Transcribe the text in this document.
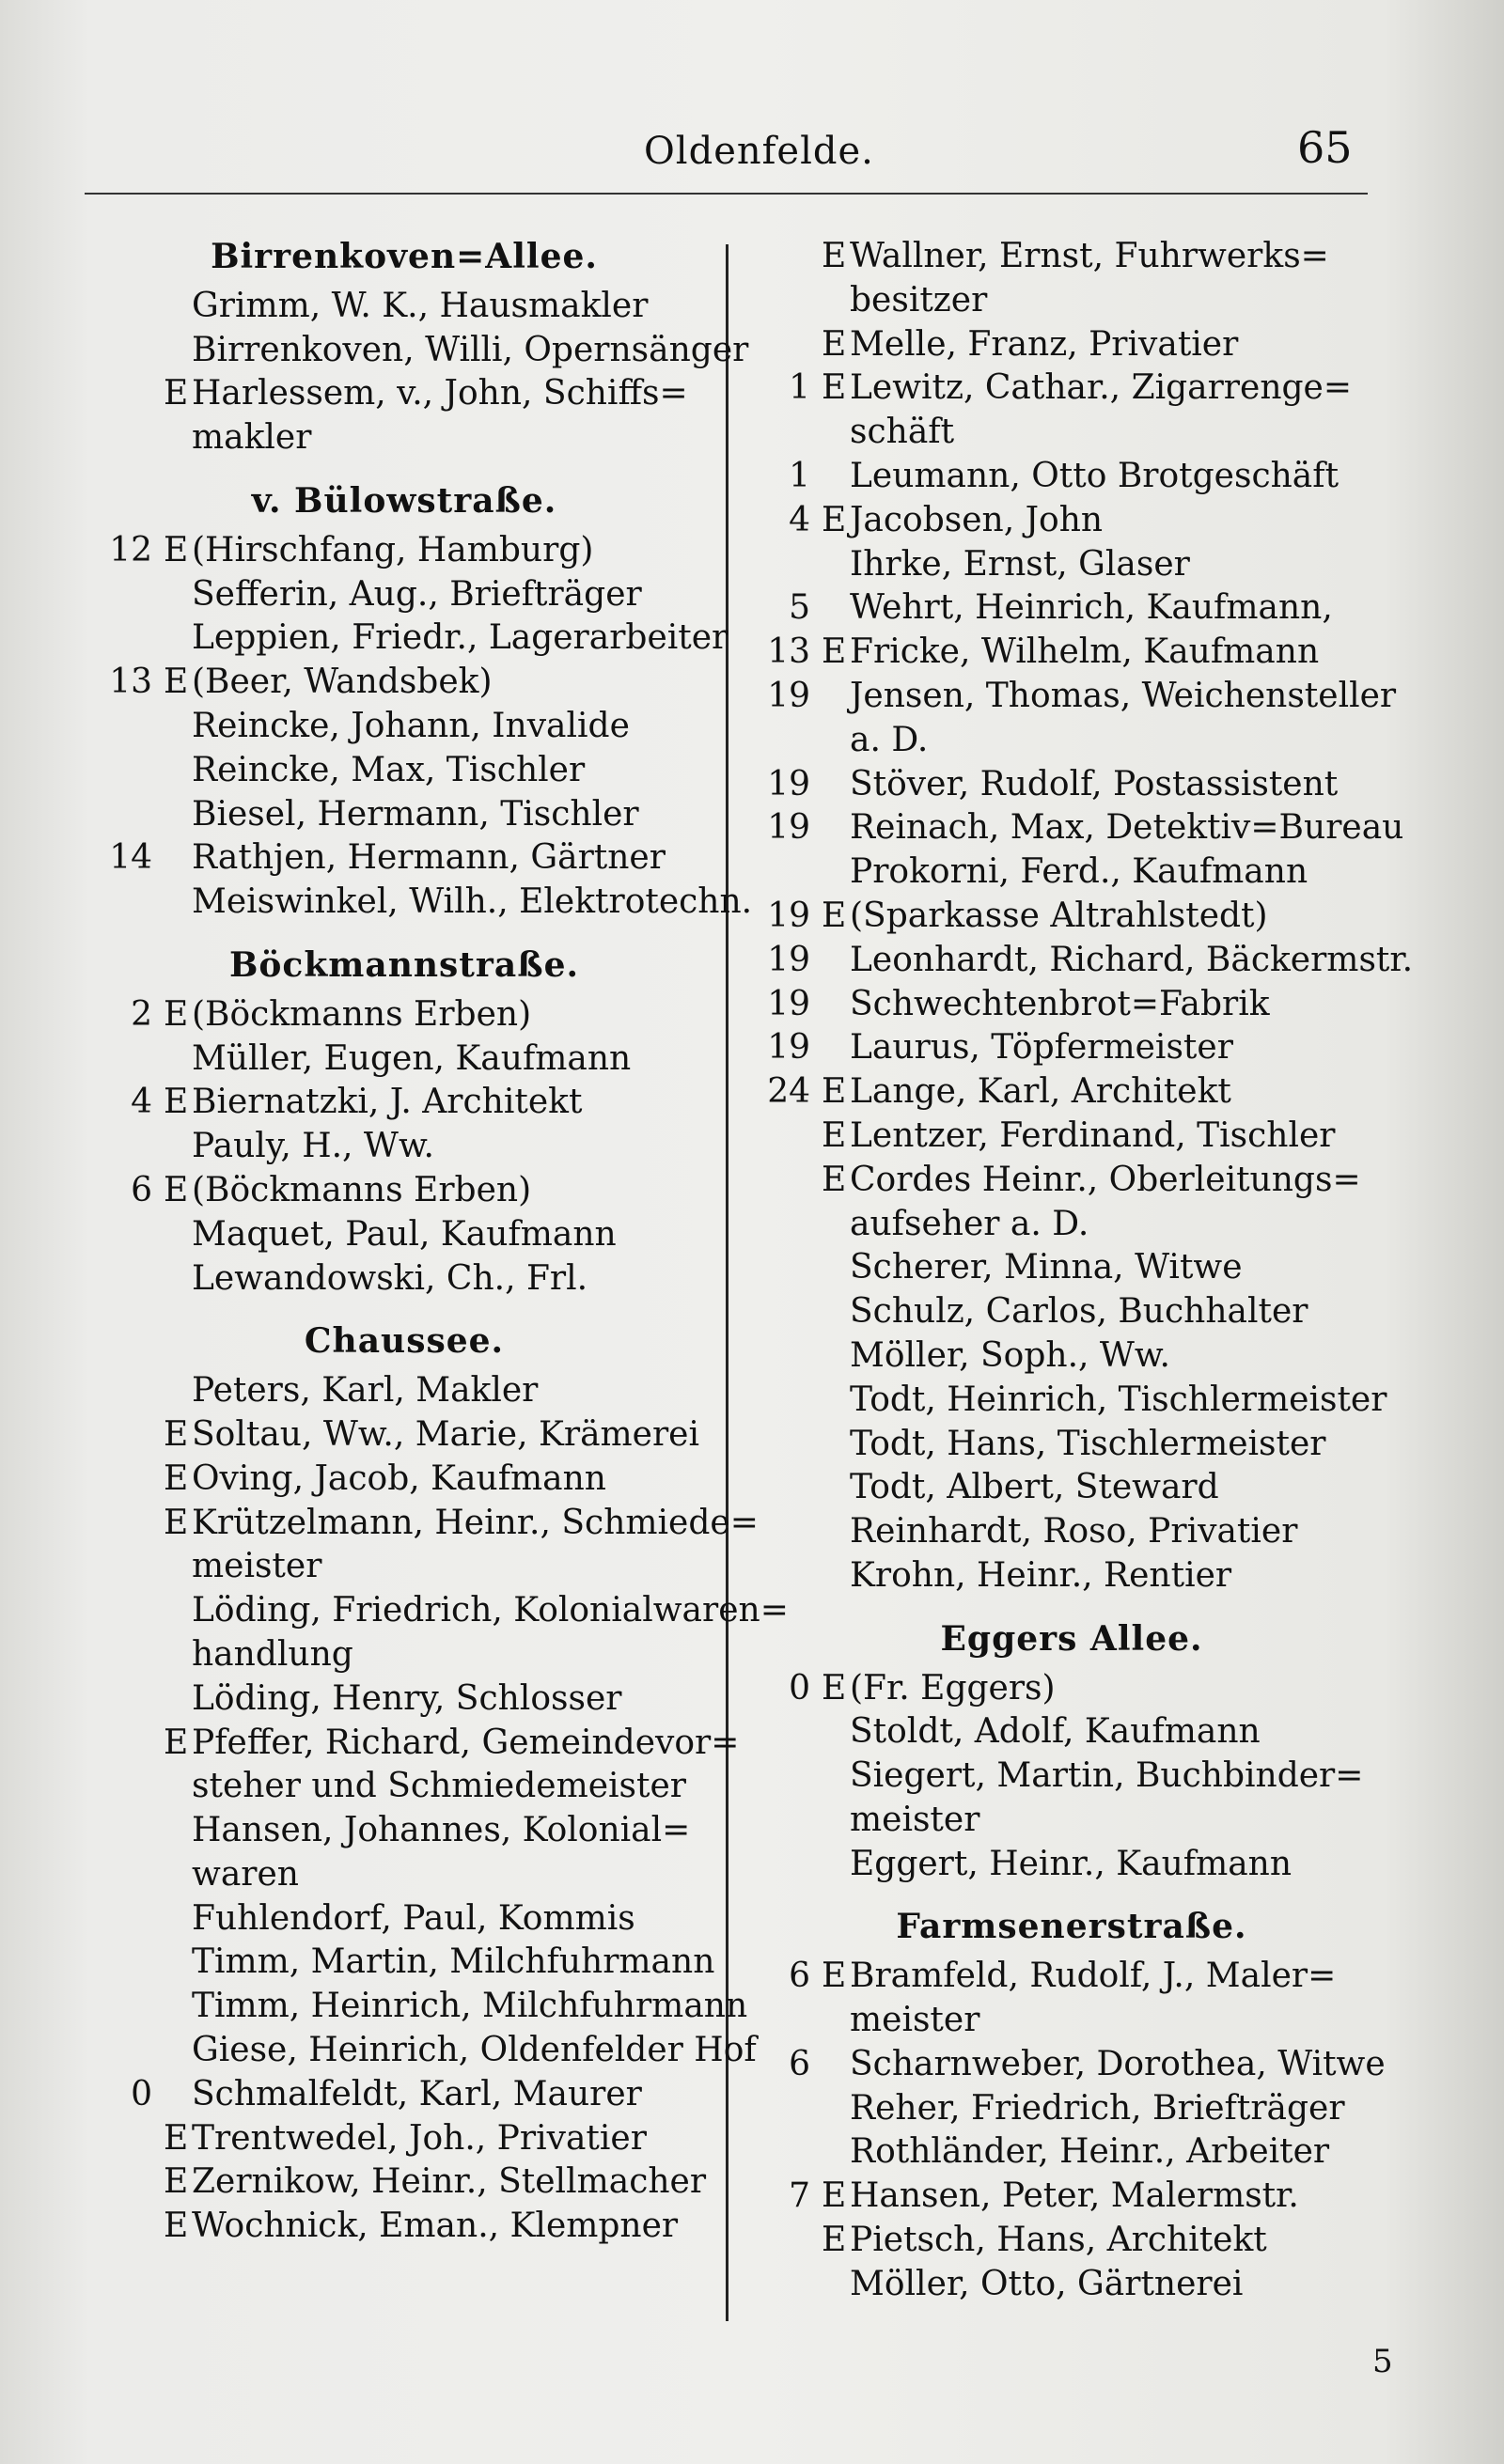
Oldenfelde.	65
Birrenkoven=Allee.
Grimm, W. K., Hausmakler
Birrenkoven, Willi, Opernsänger
E Harlessem, v., John, Schiffs=
makler
v. Bülowstraße.
12 E (Hirschfang, Hamburg)
Sefferin, Aug., Briefträger
Leppien, Friedr., Lagerarbeiter
13 E (Beer, Wandsbek)
Reincke, Johann, Invalide
Reincke, Max, Tischler
Biesel, Hermann, Tischler
14	Rathjen, Hermann, Gärtner
Meiswinkel, Wilh., Elektrotechn.
Böckmannstraße.
2 E (Böckmanns Erben)
Müller, Eugen, Kaufmann
4 E Biernatzki, J. Architekt
Pauly, H., Ww.
6 E (Böckmanns Erben)
Maquet, Paul, Kaufmann
Lewandowski, Ch., Frl.
Chaussee.
Peters, Karl, Makler
E Soltau, Ww., Marie, Krämerei
E Oving, Jacob, Kaufmann
E Krützelmann, Heinr., Schmiede=
meister
Löding, Friedrich, Kolonialwaren=
handlung
Löding, Henry, Schlosser
E Pfeffer, Richard, Gemeindevor=
steher und Schmiedemeister
Hansen, Johannes, Kolonial=
waren
Fuhlendorf, Paul, Kommis
Timm, Martin, Milchfuhrmann
Timm, Heinrich, Milchfuhrmann
Giese, Heinrich, Oldenfelder Hof
0	Schmalfeldt, Karl, Maurer
E Trentwedel, Joh., Privatier
E Zernikow, Heinr., Stellmacher
E Wochnick, Eman., Klempner
E Wallner, Ernst, Fuhrwerks=
besitzer
E Melle, Franz, Privatier
1 E Lewitz, Cathar., Zigarrenge=
schäft
1	Leumann, Otto Brotgeschäft
4 E Jacobsen, John
Ihrke, Ernst, Glaser
5	Wehrt, Heinrich, Kaufmann,
13 E Fricke, Wilhelm, Kaufmann
19	Jensen, Thomas, Weichensteller
a. D.
19	Stöver, Rudolf, Postassistent
19	Reinach, Max, Detektiv=Bureau
Prokorni, Ferd., Kaufmann
19 E (Sparkasse Altrahlstedt)
19	Leonhardt, Richard, Bäckermstr.
19	Schwechtenbrot=Fabrik
19	Laurus, Töpfermeister
24 E Lange, Karl, Architekt
E Lentzer, Ferdinand, Tischler
E Cordes Heinr., Oberleitungs=
aufseher a. D.
Scherer, Minna, Witwe
Schulz, Carlos, Buchhalter
Möller, Soph., Ww.
Todt, Heinrich, Tischlermeister
Todt, Hans, Tischlermeister
Todt, Albert, Steward
Reinhardt, Roso, Privatier
Krohn, Heinr., Rentier
Eggers Allee.
0 E (Fr. Eggers)
Stoldt, Adolf, Kaufmann
Siegert, Martin, Buchbinder=
meister
Eggert, Heinr., Kaufmann
Farmsenerstraße.
6 E Bramfeld, Rudolf, J., Maler=
meister
6	Scharnweber, Dorothea, Witwe
Reher, Friedrich, Briefträger
Rothländer, Heinr., Arbeiter
7 E Hansen, Peter, Malermstr.
E Pietsch, Hans, Architekt
Möller, Otto, Gärtnerei
5
